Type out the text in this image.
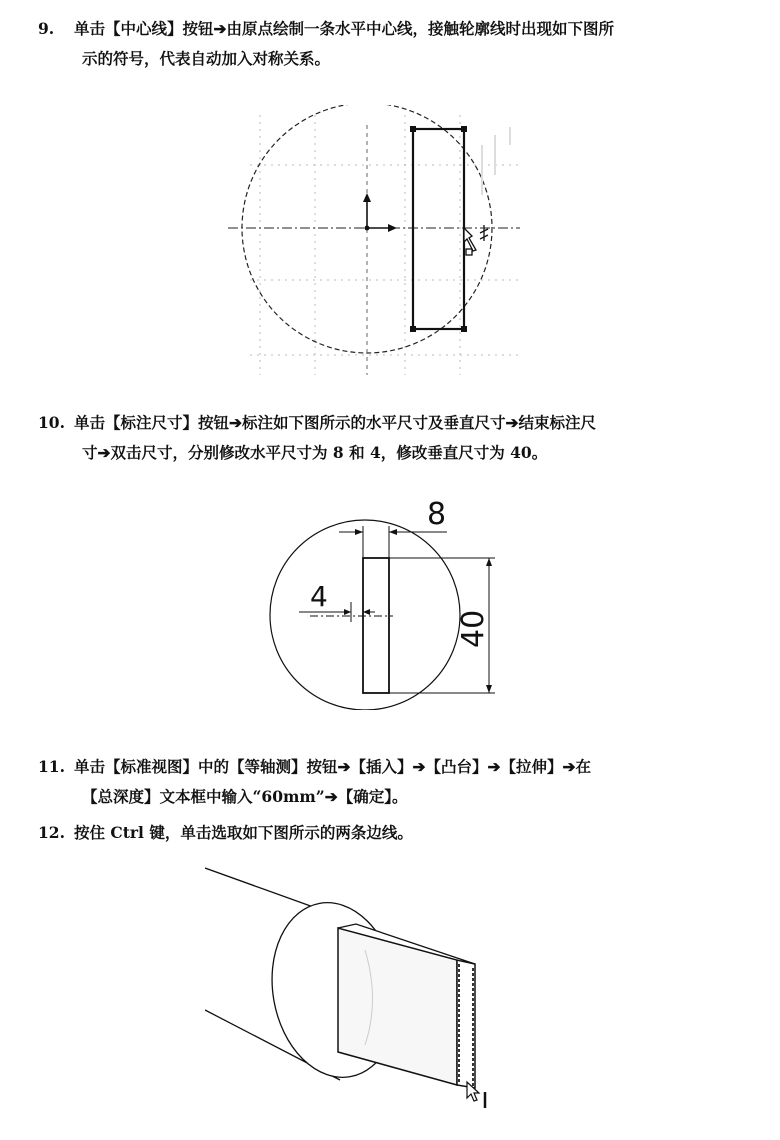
9. 单击【中心线】按钮➔由原点绘制一条水平中心线，接触轮廓线时出现如下图所
示的符号，代表自动加入对称关系。
10. 单击【标注尺寸】按钮➔标注如下图所示的水平尺寸及垂直尺寸➔结束标注尺
寸➔双击尺寸，分别修改水平尺寸为 8 和 4，修改垂直尺寸为 40。
8
4
40
11. 单击【标准视图】中的【等轴测】按钮➔【插入】➔【凸台】➔【拉伸】➔在
【总深度】文本框中输入“60mm”➔【确定】。
12. 按住 Ctrl 键，单击选取如下图所示的两条边线。
